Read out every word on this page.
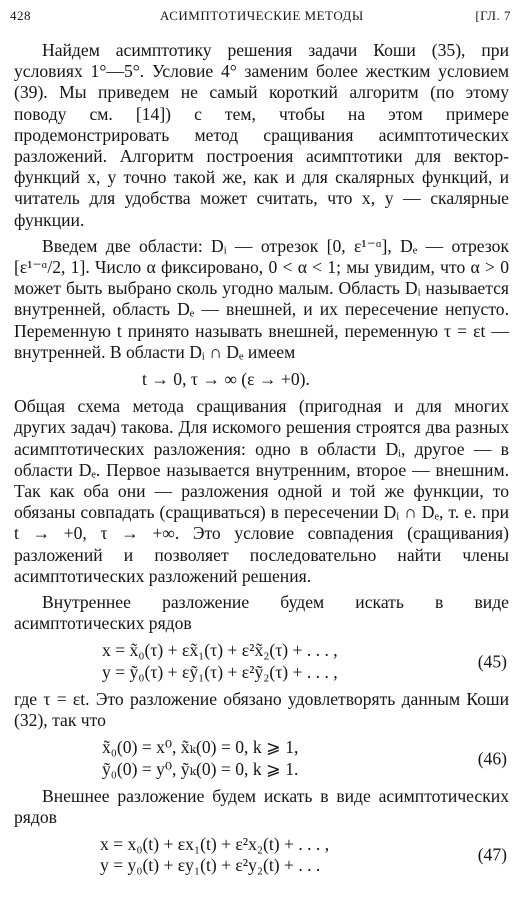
428	АСИМПТОТИЧЕСКИЕ МЕТОДЫ	[ГЛ. 7

Найдем асимптотику решения задачи Коши (35), при условиях 1°—5°. Условие 4° заменим более жестким условием (39). Мы приведем не самый короткий алгоритм (по этому поводу см. [14]) с тем, чтобы на этом примере продемонстрировать метод сращивания асимптотических разложений. Алгоритм построения асимптотики для вектор-функций x, y точно такой же, как и для скалярных функций, и читатель для удобства может считать, что x, y — скалярные функции.

Введем две области: Dᵢ — отрезок [0, ε¹⁻ᵅ], Dₑ — отрезок [ε¹⁻ᵅ/2, 1]. Число α фиксировано, 0 < α < 1; мы увидим, что α > 0 может быть выбрано сколь угодно малым. Область Dᵢ называется внутренней, область Dₑ — внешней, и их пересечение непусто. Переменную t принято называть внешней, переменную τ = εt — внутренней. В области Dᵢ ∩ Dₑ имеем

t → 0, τ → ∞ (ε → +0).

Общая схема метода сращивания (пригодная и для многих других задач) такова. Для искомого решения строятся два разных асимптотических разложения: одно в области Dᵢ, другое — в области Dₑ. Первое называется внутренним, второе — внешним. Так как оба они — разложения одной и той же функции, то обязаны совпадать (сращиваться) в пересечении Dᵢ ∩ Dₑ, т. е. при t → +0, τ → +∞. Это условие совпадения (сращивания) разложений и позволяет последовательно найти члены асимптотических разложений решения.

Внутреннее разложение будем искать в виде асимптотических рядов

x = x̃₀(τ) + εx̃₁(τ) + ε²x̃₂(τ) + . . . ,
y = ỹ₀(τ) + εỹ₁(τ) + ε²ỹ₂(τ) + . . . ,
(45)

где τ = εt. Это разложение обязано удовлетворять данным Коши (32), так что

x̃₀(0) = x⁰, x̃ₖ(0) = 0, k ⩾ 1,
ỹ₀(0) = y⁰, ỹₖ(0) = 0, k ⩾ 1.
(46)

Внешнее разложение будем искать в виде асимптотических рядов

x = x₀(t) + εx₁(t) + ε²x₂(t) + . . . ,
y = y₀(t) + εy₁(t) + ε²y₂(t) + . . .
(47)
